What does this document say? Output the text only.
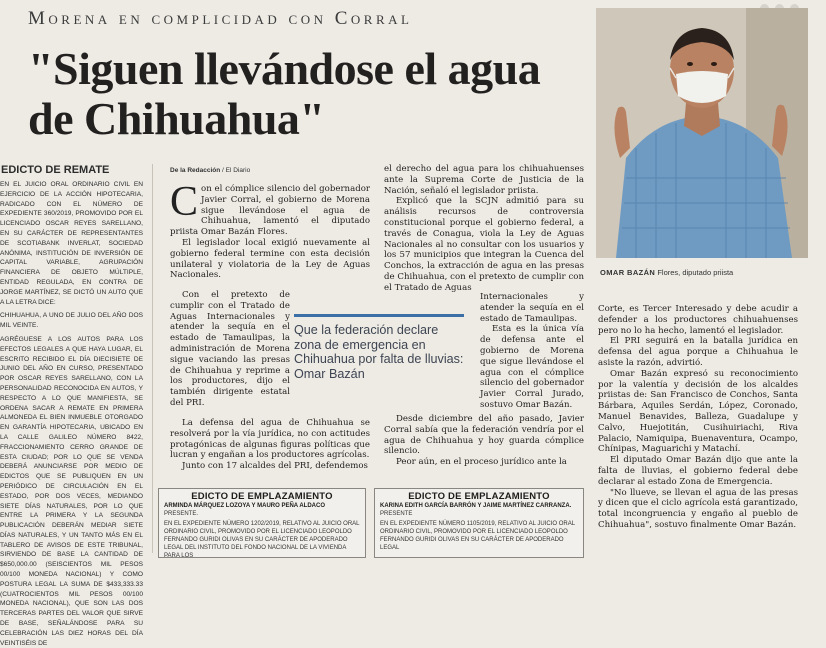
Morena en complicidad con Corral
"Siguen llevándose el agua de Chihuahua"
OMAR BAZÁN Flores, diputado priista
EDICTO DE REMATE

EN EL JUICIO ORAL ORDINARIO CIVIL EN EJERCICIO DE LA ACCIÓN HIPOTECARIA, RADICADO CON EL NÚMERO DE EXPEDIENTE 360/2019, PROMOVIDO POR EL LICENCIADO OSCAR REYES SARELLANO, EN SU CARÁCTER DE REPRESENTANTES DE SCOTIABANK INVERLAT, SOCIEDAD ANÓNIMA, INSTITUCIÓN DE INVERSIÓN DE CAPITAL VARIABLE, AGRUPACIÓN FINANCIERA DE OBJETO MÚLTIPLE, ENTIDAD REGULADA, EN CONTRA DE JORGE MARTÍNEZ, SE DICTÓ UN AUTO QUE A LA LETRA DICE:

CHIHUAHUA, A UNO DE JULIO DEL AÑO DOS MIL VEINTE.

AGRÉGUESE A LOS AUTOS PARA LOS EFECTOS LEGALES A QUE HAYA LUGAR, EL ESCRITO RECIBIDO EL DÍA DIECISIETE DE JUNIO DEL AÑO EN CURSO, PRESENTADO POR OSCAR REYES SARELLANO, CON LA PERSONALIDAD RECONOCIDA EN AUTOS, Y RESPECTO A LO QUE MANIFIESTA, SE ORDENA SACAR A REMATE EN PRIMERA ALMONEDA EL BIEN INMUEBLE OTORGADO EN GARANTÍA HIPOTECARIA, UBICADO EN LA CALLE GALILEO NÚMERO 8422, FRACCIONAMIENTO CERRO GRANDE DE ESTA CIUDAD; POR LO QUE SE VENDA DEBERÁ ANUNCIARSE POR MEDIO DE EDICTOS QUE SE PUBLIQUEN EN UN PERIÓDICO DE CIRCULACIÓN EN EL ESTADO, POR DOS VECES, MEDIANDO SIETE DÍAS NATURALES, POR LO QUE ENTRE LA PRIMERA Y LA SEGUNDA PUBLICACIÓN DEBERÁN MEDIAR SIETE DÍAS NATURALES, Y UN TANTO MÁS EN EL TABLERO DE AVISOS DE ESTE TRIBUNAL, SIRVIENDO DE BASE LA CANTIDAD DE $650,000.00 (SEISCIENTOS MIL PESOS 00/100 MONEDA NACIONAL) Y COMO POSTURA LEGAL LA SUMA DE $433,333.33 (CUATROCIENTOS MIL PESOS 00/100 MONEDA NACIONAL), QUE SON LAS DOS TERCERAS PARTES DEL VALOR QUE SIRVE DE BASE, SEÑALÁNDOSE PARA SU CELEBRACIÓN LAS DIEZ HORAS DEL DÍA VEINTISÉIS DE

De la Redacción / El Diario

Con el cómplice silencio del gobernador Javier Corral, el gobierno de Morena sigue llevándose el agua de Chihuahua, lamentó el diputado priista Omar Bazán Flores.

El legislador local exigió nuevamente al gobierno federal termine con esta decisión unilateral y violatoria de la Ley de Aguas Nacionales.

Con el pretexto de cumplir con el Tratado de Aguas Internacionales y atender la sequía en el estado de Tamaulipas, la administración de Morena sigue vaciando las presas de Chihuahua y reprime a los productores, dijo el también dirigente estatal del PRI.

Que la federación declare zona de emergencia en Chihuahua por falta de lluvias: Omar Bazán

La defensa del agua de Chihuahua se resolverá por la vía jurídica, no con actitudes protagónicas de algunas figuras políticas que lucran y engañan a los productores agrícolas.

Junto con 17 alcaldes del PRI, defendemos

el derecho del agua para los chihuahuenses ante la Suprema Corte de Justicia de la Nación, señaló el legislador priista.

Explicó que la SCJN admitió para su análisis recursos de controversia constitucional porque el gobierno federal, a través de Conagua, viola la Ley de Aguas Nacionales al no consultar con los usuarios y los 57 municipios que integran la Cuenca del Conchos, la extracción de agua en las presas de Chihuahua, con el pretexto de cumplir con el Tratado de Aguas

Internacionales y atender la sequía en el estado de Tamaulipas.

Esta es la única vía de defensa ante el gobierno de Morena que sigue llevándose el agua con el cómplice silencio del gobernador Javier Corral Jurado, sostuvo Omar Bazán.

Desde diciembre del año pasado, Javier Corral sabía que la federación vendría por el agua de Chihuahua y hoy guarda cómplice silencio.

Peor aún, en el proceso jurídico ante la

Corte, es Tercer Interesado y debe acudir a defender a los productores chihuahuenses pero no lo ha hecho, lamentó el legislador.

El PRI seguirá en la batalla jurídica en defensa del agua porque a Chihuahua le asiste la razón, advirtió.

Omar Bazán expresó su reconocimiento por la valentía y decisión de los alcaldes priistas de: San Francisco de Conchos, Santa Bárbara, Aquiles Serdán, López, Coronado, Manuel Benavides, Balleza, Guadalupe y Calvo, Huejotitán, Cusihuiriachi, Riva Palacio, Namiquipa, Buenaventura, Ocampo, Chínipas, Maguarichi y Matachí.

El diputado Omar Bazán dijo que ante la falta de lluvias, el gobierno federal debe declarar al estado Zona de Emergencia.

"No llueve, se llevan el agua de las presas y dicen que el ciclo agrícola está garantizado, total incongruencia y engaño al pueblo de Chihuahua", sostuvo finalmente Omar Bazán.

EDICTO DE EMPLAZAMIENTO
ARMINDA MÁRQUEZ LOZOYA Y MAURO PEÑA ALDACO
PRESENTE.
EN EL EXPEDIENTE NÚMERO 1202/2019, RELATIVO AL JUICIO ORAL ORDINARIO CIVIL, PROMOVIDO POR EL LICENCIADO LEOPOLDO FERNANDO GURIDI OLIVAS EN SU CARÁCTER DE APODERADO LEGAL DEL INSTITUTO DEL FONDO NACIONAL DE LA VIVIENDA PARA LOS
EDICTO DE EMPLAZAMIENTO
KARINA EDITH GARCÍA BARRÓN Y JAIME MARTÍNEZ CARRANZA.
PRESENTE
EN EL EXPEDIENTE NÚMERO 1105/2019, RELATIVO AL JUICIO ORAL ORDINARIO CIVIL, PROMOVIDO POR EL LICENCIADO LEOPOLDO FERNANDO GURIDI OLIVAS EN SU CARÁCTER DE APODERADO LEGAL
